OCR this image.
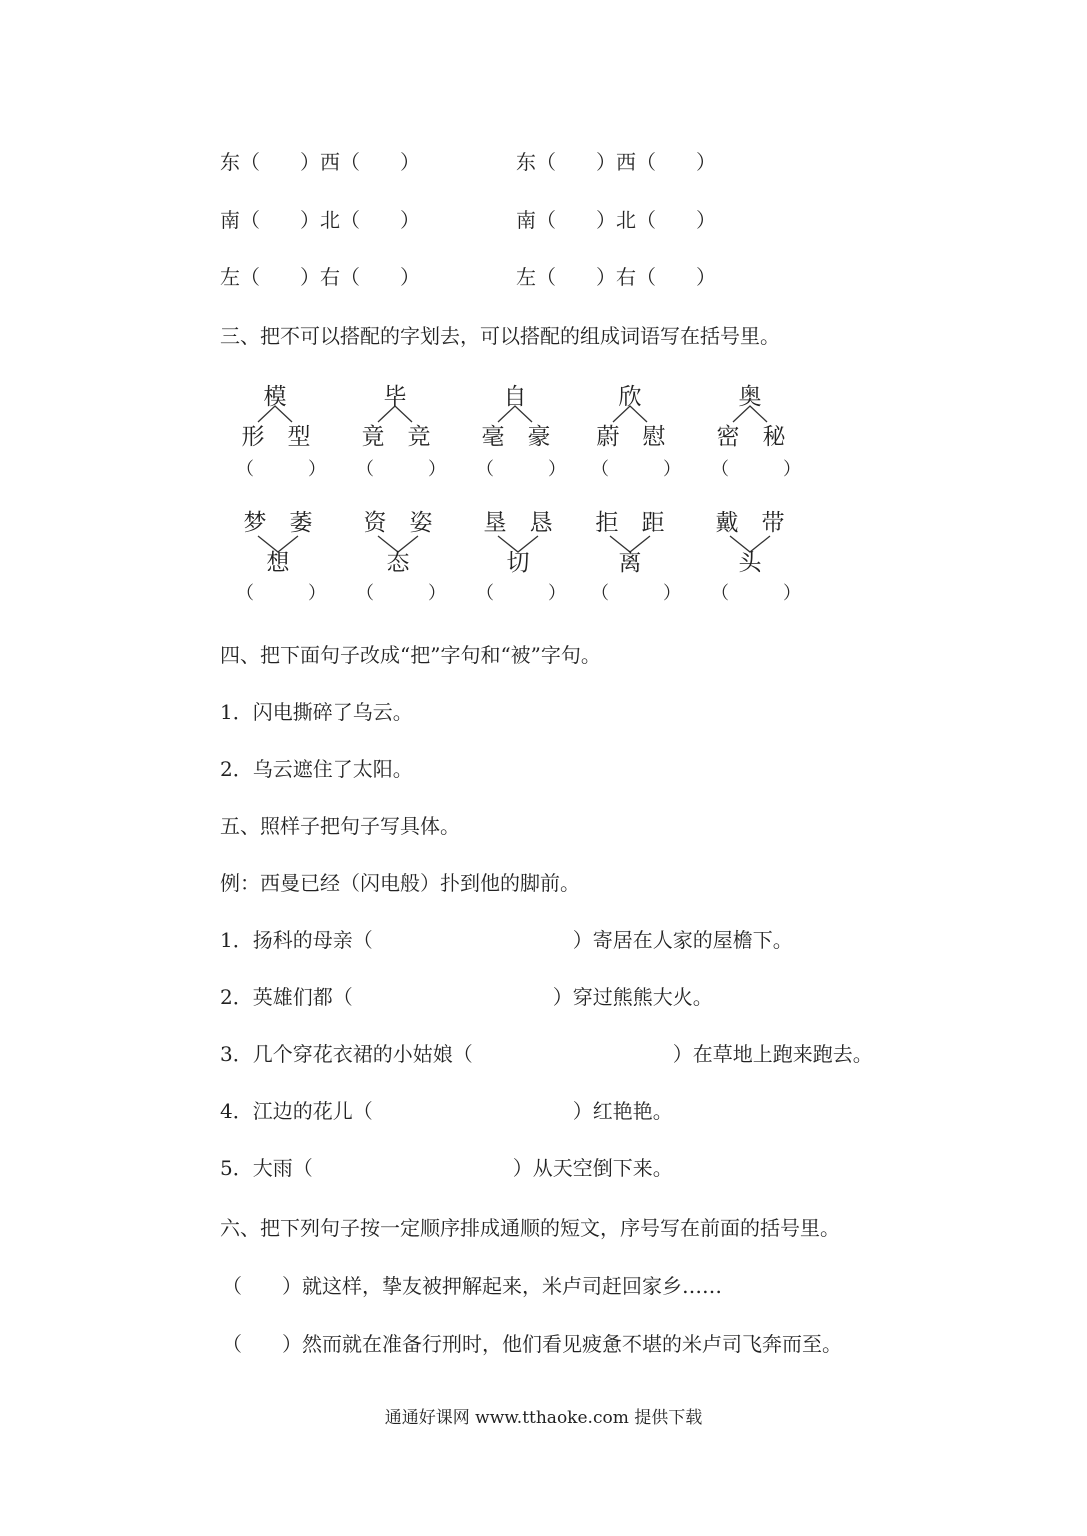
东（　　）西（　　）	东（　　）西（　　）
南（　　）北（　　）	南（　　）北（　　）
左（　　）右（　　）	左（　　）右（　　）
三、把不可以搭配的字划去，可以搭配的组成词语写在括号里。
模
形 型
（　　　）
毕
竟 竞
（　　　）
自
毫 豪
（　　　）
欣
蔚 慰
（　　　）
奥
密 秘
（　　　）
梦 萎
想
（　　　）
资 姿
态
（　　　）
垦 恳
切
（　　　）
拒 距
离
（　　　）
戴 带
头
（　　　）
四、把下面句子改成“把”字句和“被”字句。
1．闪电撕碎了乌云。
2．乌云遮住了太阳。
五、照样子把句子写具体。
例：西曼已经（闪电般）扑到他的脚前。
1．扬科的母亲（　　　　　　　　　　）寄居在人家的屋檐下。
2．英雄们都（　　　　　　　　　　）穿过熊熊大火。
3．几个穿花衣裙的小姑娘（　　　　　　　　　　）在草地上跑来跑去。
4．江边的花儿（　　　　　　　　　　）红艳艳。
5．大雨（　　　　　　　　　　）从天空倒下来。
六、把下列句子按一定顺序排成通顺的短文，序号写在前面的括号里。
（　　）就这样，挚友被押解起来，米卢司赶回家乡……
（　　）然而就在准备行刑时，他们看见疲惫不堪的米卢司飞奔而至。
通通好课网 www.tthaoke.com 提供下载
